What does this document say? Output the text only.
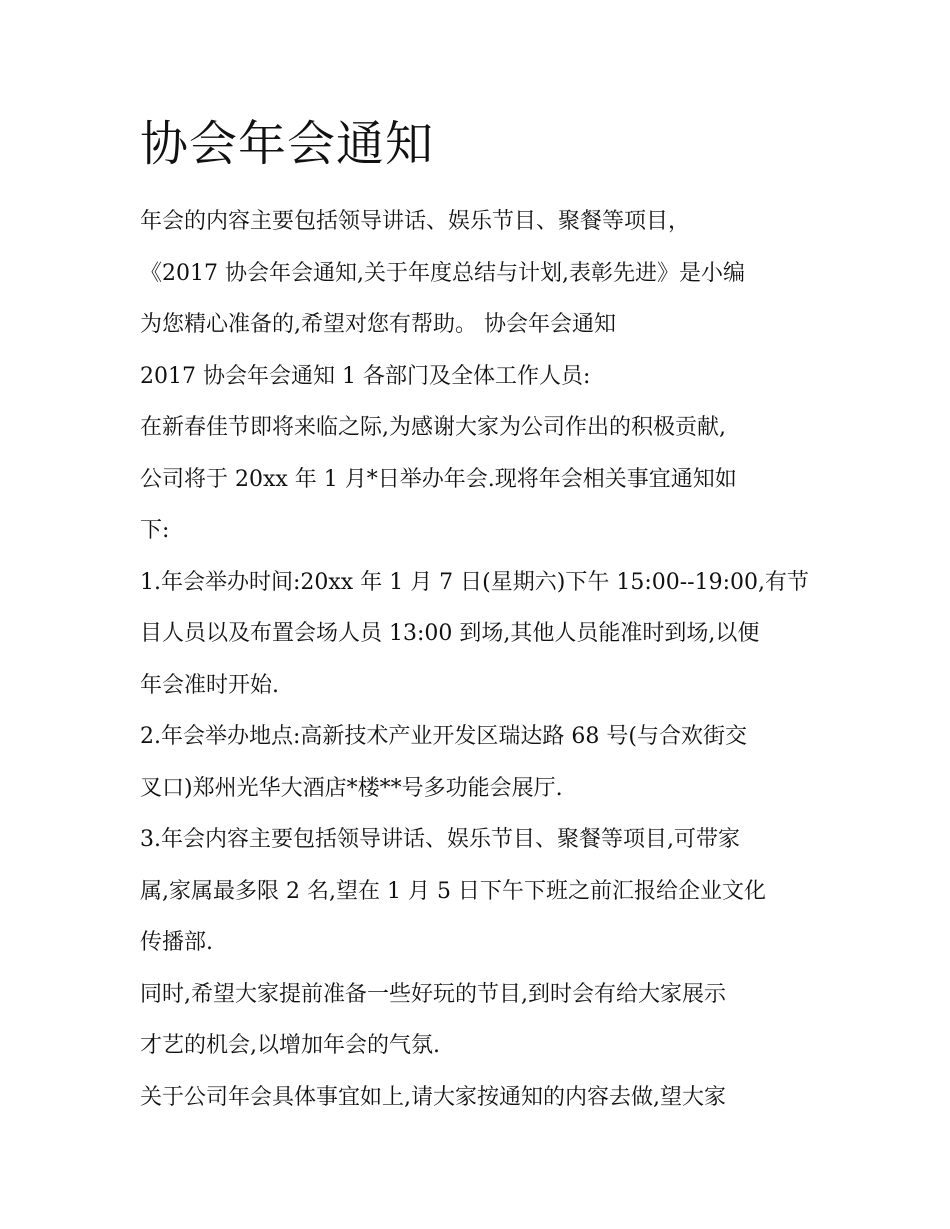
协会年会通知
年会的内容主要包括领导讲话、娱乐节目、聚餐等项目，
《2017 协会年会通知,关于年度总结与计划,表彰先进》是小编
为您精心准备的,希望对您有帮助。 协会年会通知
2017 协会年会通知 1 各部门及全体工作人员:
在新春佳节即将来临之际,为感谢大家为公司作出的积极贡献,
公司将于 20xx 年 1 月*日举办年会.现将年会相关事宜通知如
下:
1.年会举办时间:20xx 年 1 月 7 日(星期六)下午 15:00--19:00,有节
目人员以及布置会场人员 13:00 到场,其他人员能准时到场,以便
年会准时开始.
2.年会举办地点:高新技术产业开发区瑞达路 68 号(与合欢街交
叉口)郑州光华大酒店*楼**号多功能会展厅.
3.年会内容主要包括领导讲话、娱乐节目、聚餐等项目,可带家
属,家属最多限 2 名,望在 1 月 5 日下午下班之前汇报给企业文化
传播部.
同时,希望大家提前准备一些好玩的节目,到时会有给大家展示
才艺的机会,以增加年会的气氛.
关于公司年会具体事宜如上,请大家按通知的内容去做,望大家
